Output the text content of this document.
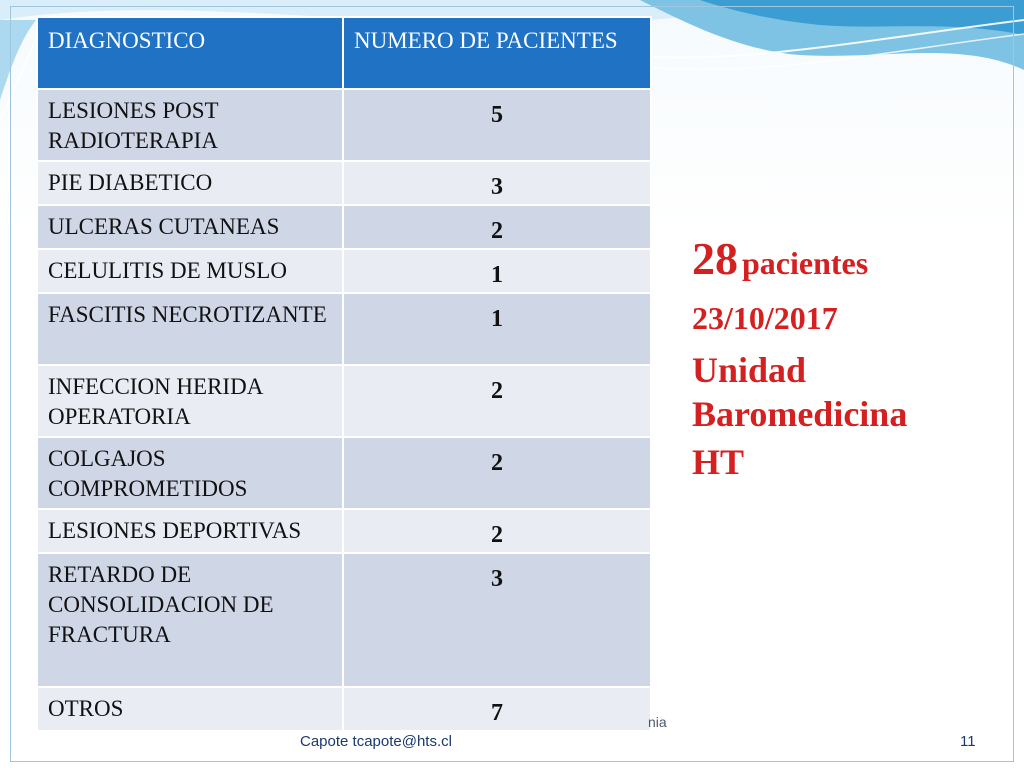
DIAGNOSTICO	NUMERO DE PACIENTES
LESIONES POST RADIOTERAPIA	5
PIE DIABETICO	3
ULCERAS CUTANEAS	2
CELULITIS DE MUSLO	1
FASCITIS NECROTIZANTE	1
INFECCION HERIDA OPERATORIA	2
COLGAJOS COMPROMETIDOS	2
LESIONES DEPORTIVAS	2
RETARDO DE CONSOLIDACION DE FRACTURA	3
OTROS	7
28 pacientes
23/10/2017
Unidad
Baromedicina
HT
nia
Capote tcapote@hts.cl	11
